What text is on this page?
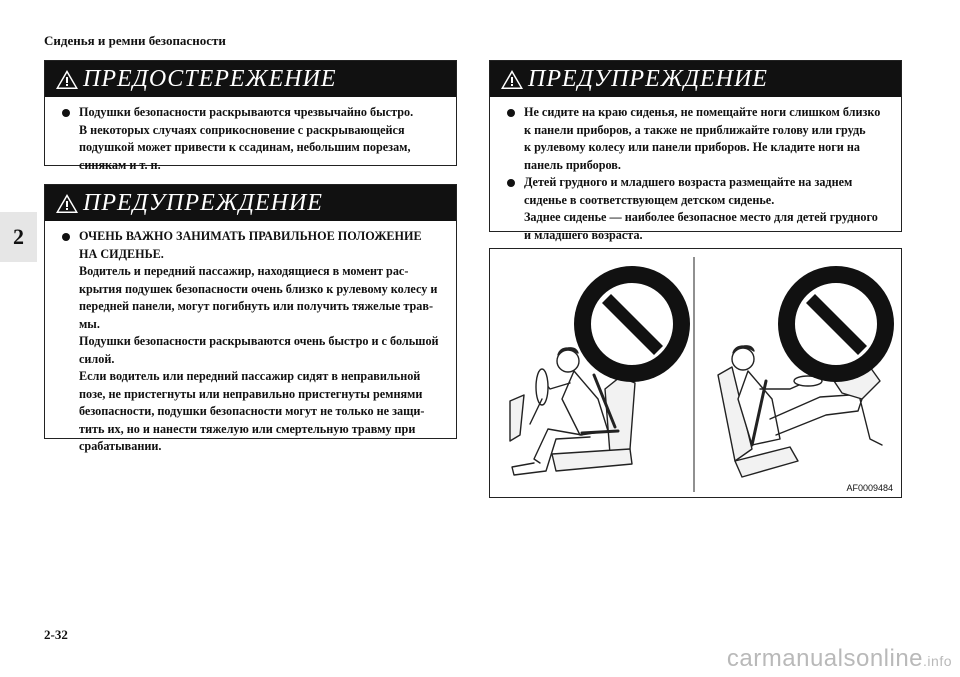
Сиденья и ремни безопасности
2
ПРЕДОСТЕРЕЖЕНИЕ

Подушки безопасности раскрываются чрезвычайно быстро.

В некоторых случаях соприкосновение с раскрывающейся

подушкой может привести к ссадинам, небольшим порезам,

синякам и т. п.

ПРЕДУПРЕЖДЕНИЕ

ОЧЕНЬ ВАЖНО ЗАНИМАТЬ ПРАВИЛЬНОЕ ПОЛОЖЕНИЕ

НА СИДЕНЬЕ.

Водитель и передний пассажир, находящиеся в момент рас-

крытия подушек безопасности очень близко к рулевому колесу и

передней панели, могут погибнуть или получить тяжелые трав-

мы.

Подушки безопасности раскрываются очень быстро и с большой

силой.

Если водитель или передний пассажир сидят в неправильной

позе, не пристегнуты или неправильно пристегнуты ремнями

безопасности, подушки безопасности могут не только не защи-

тить их, но и нанести тяжелую или смертельную травму при

срабатывании.

ПРЕДУПРЕЖДЕНИЕ

Не сидите на краю сиденья, не помещайте ноги слишком близко

к панели приборов, а также не приближайте голову или грудь

к рулевому колесу или панели приборов. Не кладите ноги на

панель приборов.

Детей грудного и младшего возраста размещайте на заднем

сиденье в соответствующем детском сиденье.

Заднее сиденье — наиболее безопасное место для детей грудного

и младшего возраста.

AF0009484
2-32
carmanualsonline.info
